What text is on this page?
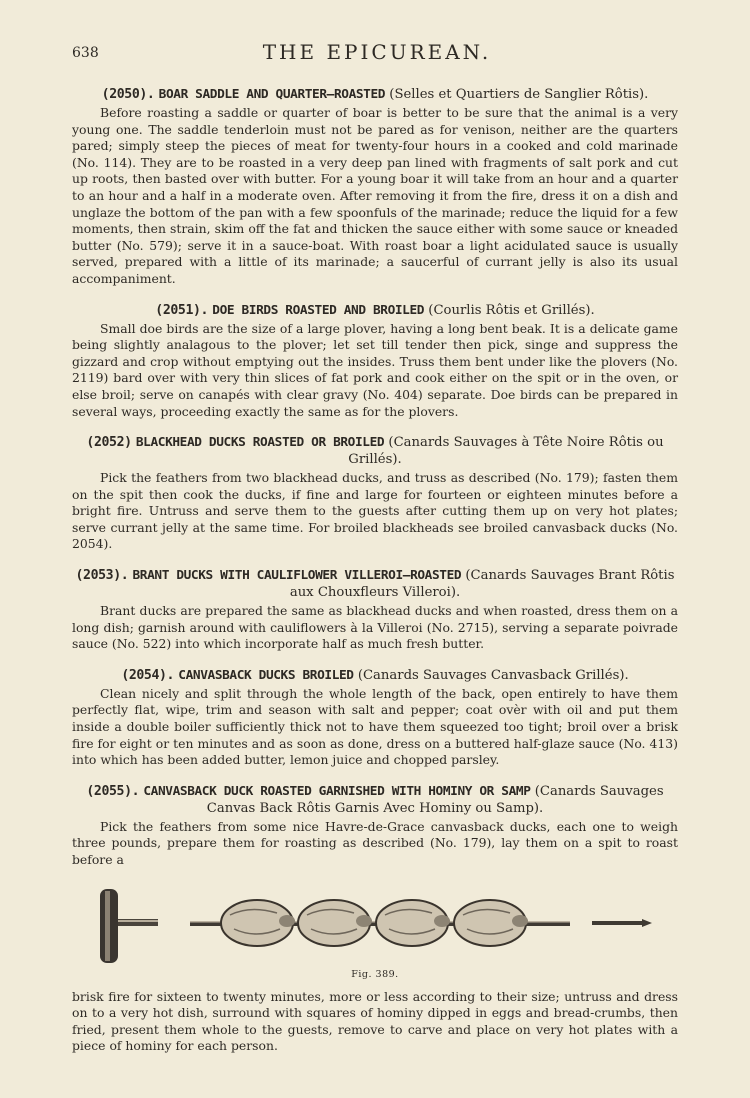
638	THE EPICUREAN.

(2050). BOAR SADDLE AND QUARTER—ROASTED (Selles et Quartiers de Sanglier Rôtis).

Before roasting a saddle or quarter of boar is better to be sure that the animal is a very young one. The saddle tenderloin must not be pared as for venison, neither are the quarters pared; simply steep the pieces of meat for twenty-four hours in a cooked and cold marinade (No. 114). They are to be roasted in a very deep pan lined with fragments of salt pork and cut up roots, then basted over with butter. For a young boar it will take from an hour and a quarter to an hour and a half in a moderate oven. After removing it from the fire, dress it on a dish and unglaze the bottom of the pan with a few spoonfuls of the marinade; reduce the liquid for a few moments, then strain, skim off the fat and thicken the sauce either with some sauce or kneaded butter (No. 579); serve it in a sauce-boat. With roast boar a light acidulated sauce is usually served, prepared with a little of its marinade; a saucerful of currant jelly is also its usual accompaniment.

(2051). DOE BIRDS ROASTED AND BROILED (Courlis Rôtis et Grillés).

Small doe birds are the size of a large plover, having a long bent beak. It is a delicate game being slightly analagous to the plover; let set till tender then pick, singe and suppress the gizzard and crop without emptying out the insides. Truss them bent under like the plovers (No. 2119) bard over with very thin slices of fat pork and cook either on the spit or in the oven, or else broil; serve on canapés with clear gravy (No. 404) separate. Doe birds can be prepared in several ways, proceeding exactly the same as for the plovers.

(2052) BLACKHEAD DUCKS ROASTED OR BROILED (Canards Sauvages à Tête Noire Rôtis ou Grillés).

Pick the feathers from two blackhead ducks, and truss as described (No. 179); fasten them on the spit then cook the ducks, if fine and large for fourteen or eighteen minutes before a bright fire. Untruss and serve them to the guests after cutting them up on very hot plates; serve currant jelly at the same time. For broiled blackheads see broiled canvasback ducks (No. 2054).

(2053). BRANT DUCKS WITH CAULIFLOWER VILLEROI—ROASTED (Canards Sauvages Brant Rôtis aux Chouxfleurs Villeroi).

Brant ducks are prepared the same as blackhead ducks and when roasted, dress them on a long dish; garnish around with cauliflowers à la Villeroi (No. 2715), serving a separate poivrade sauce (No. 522) into which incorporate half as much fresh butter.

(2054). CANVASBACK DUCKS BROILED (Canards Sauvages Canvasback Grillés).

Clean nicely and split through the whole length of the back, open entirely to have them perfectly flat, wipe, trim and season with salt and pepper; coat ovèr with oil and put them inside a double boiler sufficiently thick not to have them squeezed too tight; broil over a brisk fire for eight or ten minutes and as soon as done, dress on a buttered half-glaze sauce (No. 413) into which has been added butter, lemon juice and chopped parsley.

(2055). CANVASBACK DUCK ROASTED GARNISHED WITH HOMINY OR SAMP (Canards Sauvages Canvas Back Rôtis Garnis Avec Hominy ou Samp).

Pick the feathers from some nice Havre-de-Grace canvasback ducks, each one to weigh three pounds, prepare them for roasting as described (No. 179), lay them on a spit to roast before a

Fig. 389.

brisk fire for sixteen to twenty minutes, more or less according to their size; untruss and dress on to a very hot dish, surround with squares of hominy dipped in eggs and bread-crumbs, then fried, present them whole to the guests, remove to carve and place on very hot plates with a piece of hominy for each person.
